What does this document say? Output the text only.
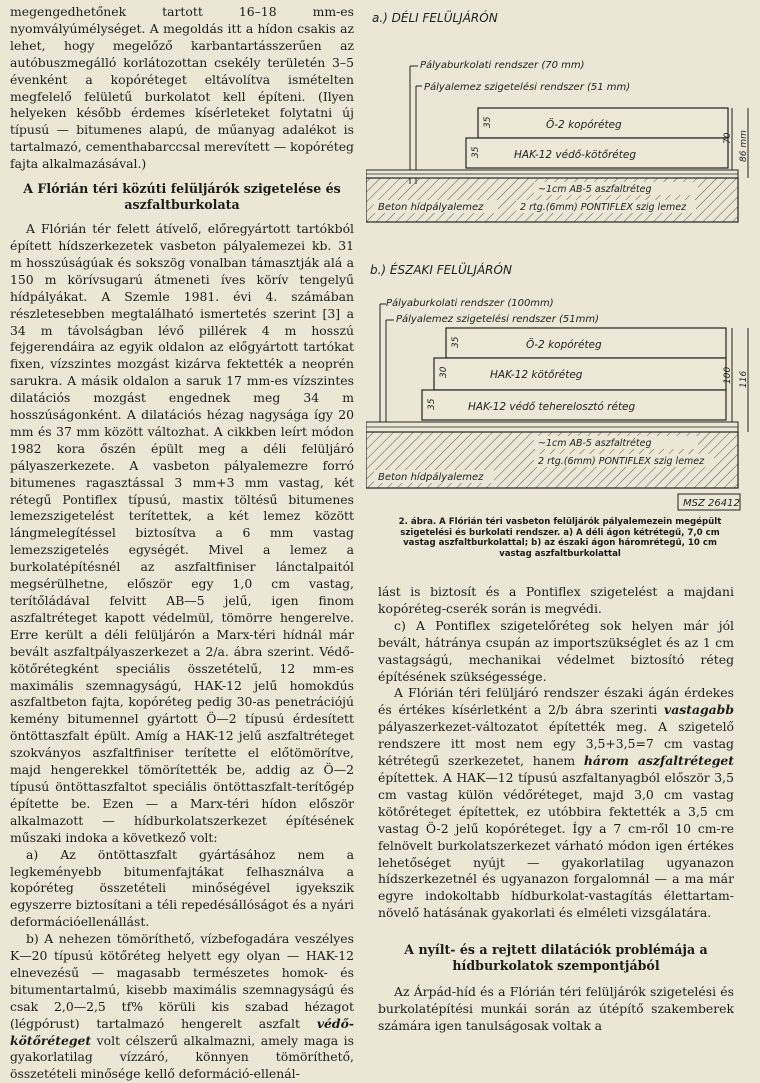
megengedhetőnek tartott 16–18 mm-es nyomvályúmélységet. A megoldás itt a hídon csakis az lehet, hogy megelőző karbantartásszerűen az autóbuszmegálló korlátozottan csekély területén 3–5 évenként a kopóréteget eltávolítva ismételten megfelelő felületű burkolatot kell építeni. (Ilyen helyeken később érdemes kísérleteket folytatni új típusú — bitumenes alapú, de műanyag adalékot is tartalmazó, cementhabarccsal merevített — kopóréteg fajta alkalmazásával.)

A Flórián téri közúti felüljárók szigetelése és aszfaltburkolata

A Flórián tér felett átívelő, előregyártott tartókból épített hídszerkezetek vasbeton pályalemezei kb. 31 m hosszúságúak és sokszög vonalban támasztják alá a 150 m körívsugarú átmeneti íves körív tengelyű hídpályákat. A Szemle 1981. évi 4. számában részletesebben megtalálható ismertetés szerint [3] a 34 m távolságban lévő pillérek 4 m hosszú fejgerendáira az egyik oldalon az előgyártott tartókat fixen, vízszintes mozgást kizárva fektették a neoprén sarukra. A másik oldalon a saruk 17 mm-es vízszintes dilatációs mozgást engednek meg 34 m hosszúságonként. A dilatációs hézag nagysága így 20 mm és 37 mm között változhat. A cikkben leírt módon 1982 kora őszén épült meg a déli felüljáró pályaszerkezete. A vasbeton pályalemezre forró bitumenes ragasztással 3 mm+3 mm vastag, két rétegű Pontiflex típusú, mastix töltésű bitumenes lemezszigetelést terítettek, a két lemez között lángmelegítéssel biztosítva a 6 mm vastag lemezszigetelés egységét. Mivel a lemez a burkolatépítésnél az aszfaltfiniser lánctalpaitól megsérülhetne, először egy 1,0 cm vastag, terítőládával felvitt AB—5 jelű, igen finom aszfaltréteget kapott védelmül, tömörre hengerelve. Erre került a déli felüljárón a Marx-téri hídnál már bevált aszfaltpályaszerkezet a 2/a. ábra szerint. Védő-kötőrétegként speciális összetételű, 12 mm-es maximális szemnagyságú, HAK-12 jelű homokdús aszfaltbeton fajta, kopóréteg pedig 30-as penetrációjú kemény bitumennel gyártott Ö—2 típusú érdesített öntöttaszfalt épült. Amíg a HAK-12 jelű aszfaltréteget szokványos aszfaltfiniser terítette el előtömörítve, majd hengerekkel tömörítették be, addig az Ö—2 típusú öntöttaszfaltot speciális öntöttaszfalt-terítőgép építette be. Ezen — a Marx-téri hídon először alkalmazott — hídburkolatszerkezet építésének műszaki indoka a következő volt:

a) Az öntöttaszfalt gyártásához nem a legkeményebb bitumenfajtákat felhasználva a kopóréteg összetételi minőségével igyekszik egyszerre biztosítani a téli repedésállóságot és a nyári deformációellenállást.

b) A nehezen tömöríthető, vízbefogadára veszélyes K—20 típusú kötőréteg helyett egy olyan — HAK-12 elnevezésű — magasabb természetes homok- és bitumentartalmú, kisebb maximális szemnagyságú és csak 2,0—2,5 tf% körüli kis szabad hézagot (légpórust) tartalmazó hengerelt aszfalt védő-kötőréteget volt célszerű alkalmazni, amely maga is gyakorlatilag vízzáró, könnyen tömöríthető, összetételi minősége kellő deformáció-ellenál-

a.) DÉLI FELÜLJÁRÓN
Pályaburkolati rendszer (70 mm)
Pályalemez szigetelési rendszer (51 mm)
Ö-2 kopóréteg
HAK-12 védő-kötőréteg
35
35
70 86 mm
~1cm AB-5 aszfaltréteg
2 rtg.(6mm) PONTIFLEX szig lemez
Beton hídpályalemez
b.) ÉSZAKI FELÜLJÁRÓN
Pályaburkolati rendszer (100mm)
Pályalemez szigetelési rendszer (51mm)
Ö-2 kopóréteg
HAK-12 kötőréteg
HAK-12 védő teherelosztó réteg
35
30
35
100 116
~1cm AB-5 aszfaltréteg
2 rtg.(6mm) PONTIFLEX szig lemez
Beton hídpályalemez
MSZ 26412
2. ábra. A Flórián téri vasbeton felüljárók pályalemezein megépült szigetelési és burkolati rendszer. a) A déli ágon kétrétegű, 7,0 cm vastag aszfaltburkolattal; b) az északi ágon háromrétegű, 10 cm vastag aszfaltburkolattal

lást is biztosít és a Pontiflex szigetelést a majdani kopóréteg-cserék során is megvédi.

c) A Pontiflex szigetelőréteg sok helyen már jól bevált, hátránya csupán az importszükséglet és az 1 cm vastagságú, mechanikai védelmet biztosító réteg építésének szükségessége.

A Flórián téri felüljáró rendszer északi ágán érdekes és értékes kísérletként a 2/b ábra szerinti vastagabb pályaszerkezet-változatot építették meg. A szigetelő rendszere itt most nem egy 3,5+3,5=7 cm vastag kétrétegű szerkezetet, hanem három aszfaltréteget építettek. A HAK—12 típusú aszfaltanyagból először 3,5 cm vastag külön védőréteget, majd 3,0 cm vastag kötőréteget építettek, ez utóbbira fektették a 3,5 cm vastag Ö-2 jelű kopóréteget. Így a 7 cm-ről 10 cm-re felnövelt burkolatszerkezet várható módon igen értékes lehetőséget nyújt — gyakorlatilag ugyanazon hídszerkezetnél és ugyanazon forgalomnál — a ma már egyre indokoltabb hídburkolat-vastagítás élettartam-növelő hatásának gyakorlati és elméleti vizsgálatára.

A nyílt- és a rejtett dilatációk problémája a hídburkolatok szempontjából

Az Árpád-híd és a Flórián téri felüljárók szigetelési és burkolatépítési munkái során az útépítő szakemberek számára igen tanulságosak voltak a
